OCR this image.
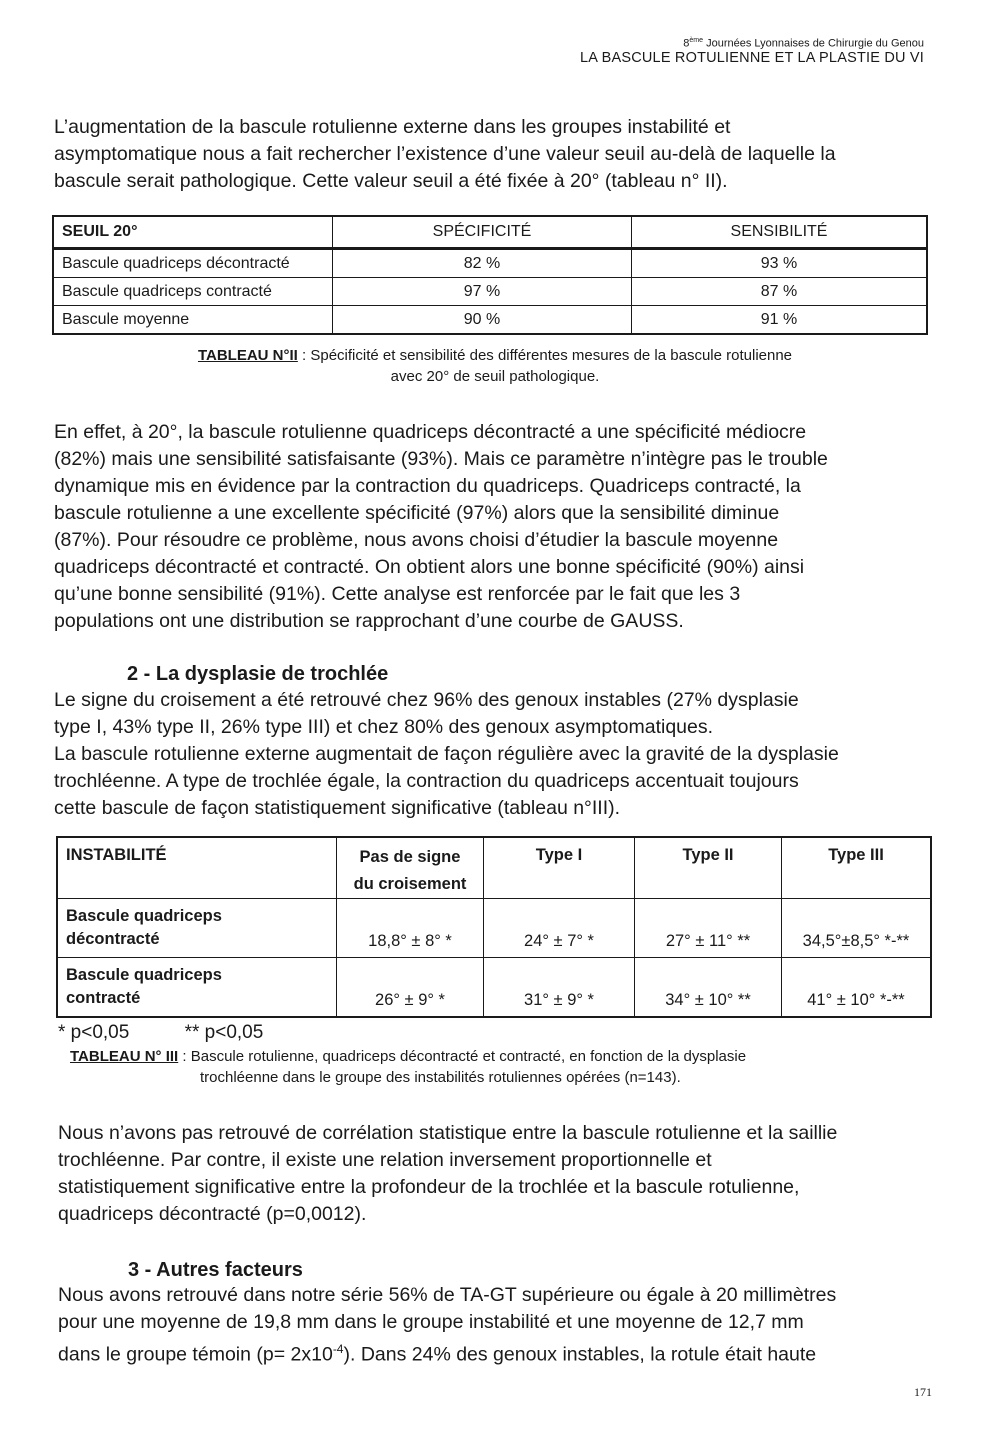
8ème Journées Lyonnaises de Chirurgie du Genou
LA BASCULE ROTULIENNE ET LA PLASTIE DU VI

L’augmentation de la bascule rotulienne externe dans les groupes instabilité et
asymptomatique nous a fait rechercher l’existence d’une valeur seuil au-delà de laquelle la
bascule serait pathologique. Cette valeur seuil a été fixée à 20° (tableau n° II).

SEUIL 20°	SPÉCIFICITÉ	SENSIBILITÉ
Bascule quadriceps décontracté	82 %	93 %
Bascule quadriceps contracté	97 %	87 %
Bascule moyenne	90 %	91 %
TABLEAU N°II : Spécificité et sensibilité des différentes mesures de la bascule rotulienne
avec 20° de seuil pathologique.

En effet, à 20°, la bascule rotulienne quadriceps décontracté a une spécificité médiocre
(82%) mais une sensibilité satisfaisante (93%). Mais ce paramètre n’intègre pas le trouble
dynamique mis en évidence par la contraction du quadriceps. Quadriceps contracté, la
bascule rotulienne a une excellente spécificité (97%) alors que la sensibilité diminue
(87%). Pour résoudre ce problème, nous avons choisi d’étudier la bascule moyenne
quadriceps décontracté et contracté. On obtient alors une bonne spécificité (90%) ainsi
qu’une bonne sensibilité (91%). Cette analyse est renforcée par le fait que les 3
populations ont une distribution se rapprochant d’une courbe de GAUSS.

2 - La dysplasie de trochlée

Le signe du croisement a été retrouvé chez 96% des genoux instables (27% dysplasie
type I, 43% type II, 26% type III) et chez 80% des genoux asymptomatiques.
La bascule rotulienne externe augmentait de façon régulière avec la gravité de la dysplasie
trochléenne. A type de trochlée égale, la contraction du quadriceps accentuait toujours
cette bascule de façon statistiquement significative (tableau n°III).

INSTABILITÉ	Pas de signe
du croisement	Type I	Type II	Type III
Bascule quadriceps
décontracté	18,8° ± 8° *	24° ± 7° *	27° ± 11° **	34,5°±8,5° *-**
Bascule quadriceps
contracté	26° ± 9° *	31° ± 9° *	34° ± 10° **	41° ± 10° *-**
* p<0,05	** p<0,05
TABLEAU N° III : Bascule rotulienne, quadriceps décontracté et contracté, en fonction de la dysplasie
trochléenne dans le groupe des instabilités rotuliennes opérées (n=143).

Nous n’avons pas retrouvé de corrélation statistique entre la bascule rotulienne et la saillie
trochléenne. Par contre, il existe une relation inversement proportionnelle et
statistiquement significative entre la profondeur de la trochlée et la bascule rotulienne,
quadriceps décontracté (p=0,0012).

3 - Autres facteurs

Nous avons retrouvé dans notre série 56% de TA-GT supérieure ou égale à 20 millimètres
pour une moyenne de 19,8 mm dans le groupe instabilité et une moyenne de 12,7 mm
dans le groupe témoin $(p= 2x10^{-4})$. Dans 24% des genoux instables, la rotule était haute

171
